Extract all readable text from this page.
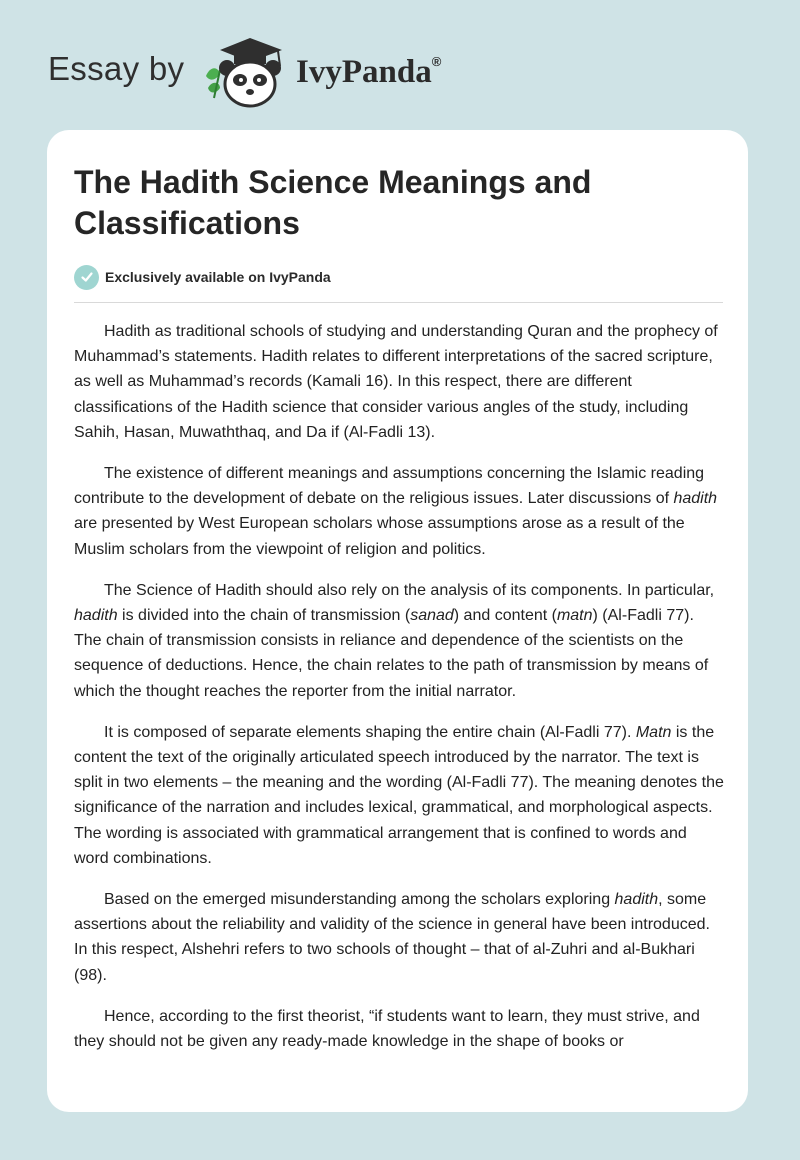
Essay by	IvyPanda®
The Hadith Science Meanings and Classifications
Exclusively available on IvyPanda

Hadith as traditional schools of studying and understanding Quran and the prophecy of Muhammad’s statements. Hadith relates to different interpretations of the sacred scripture, as well as Muhammad’s records (Kamali 16). In this respect, there are different classifications of the Hadith science that consider various angles of the study, including Sahih, Hasan, Muwaththaq, and Da if (Al-Fadli 13).

The existence of different meanings and assumptions concerning the Islamic reading contribute to the development of debate on the religious issues. Later discussions of hadith are presented by West European scholars whose assumptions arose as a result of the Muslim scholars from the viewpoint of religion and politics.

The Science of Hadith should also rely on the analysis of its components. In particular, hadith is divided into the chain of transmission (sanad) and content (matn) (Al-Fadli 77). The chain of transmission consists in reliance and dependence of the scientists on the sequence of deductions. Hence, the chain relates to the path of transmission by means of which the thought reaches the reporter from the initial narrator.

It is composed of separate elements shaping the entire chain (Al-Fadli 77). Matn is the content the text of the originally articulated speech introduced by the narrator. The text is split in two elements – the meaning and the wording (Al-Fadli 77). The meaning denotes the significance of the narration and includes lexical, grammatical, and morphological aspects. The wording is associated with grammatical arrangement that is confined to words and word combinations.

Based on the emerged misunderstanding among the scholars exploring hadith, some assertions about the reliability and validity of the science in general have been introduced. In this respect, Alshehri refers to two schools of thought – that of al-Zuhri and al-Bukhari (98).

Hence, according to the first theorist, “if students want to learn, they must strive, and they should not be given any ready-made knowledge in the shape of books or
